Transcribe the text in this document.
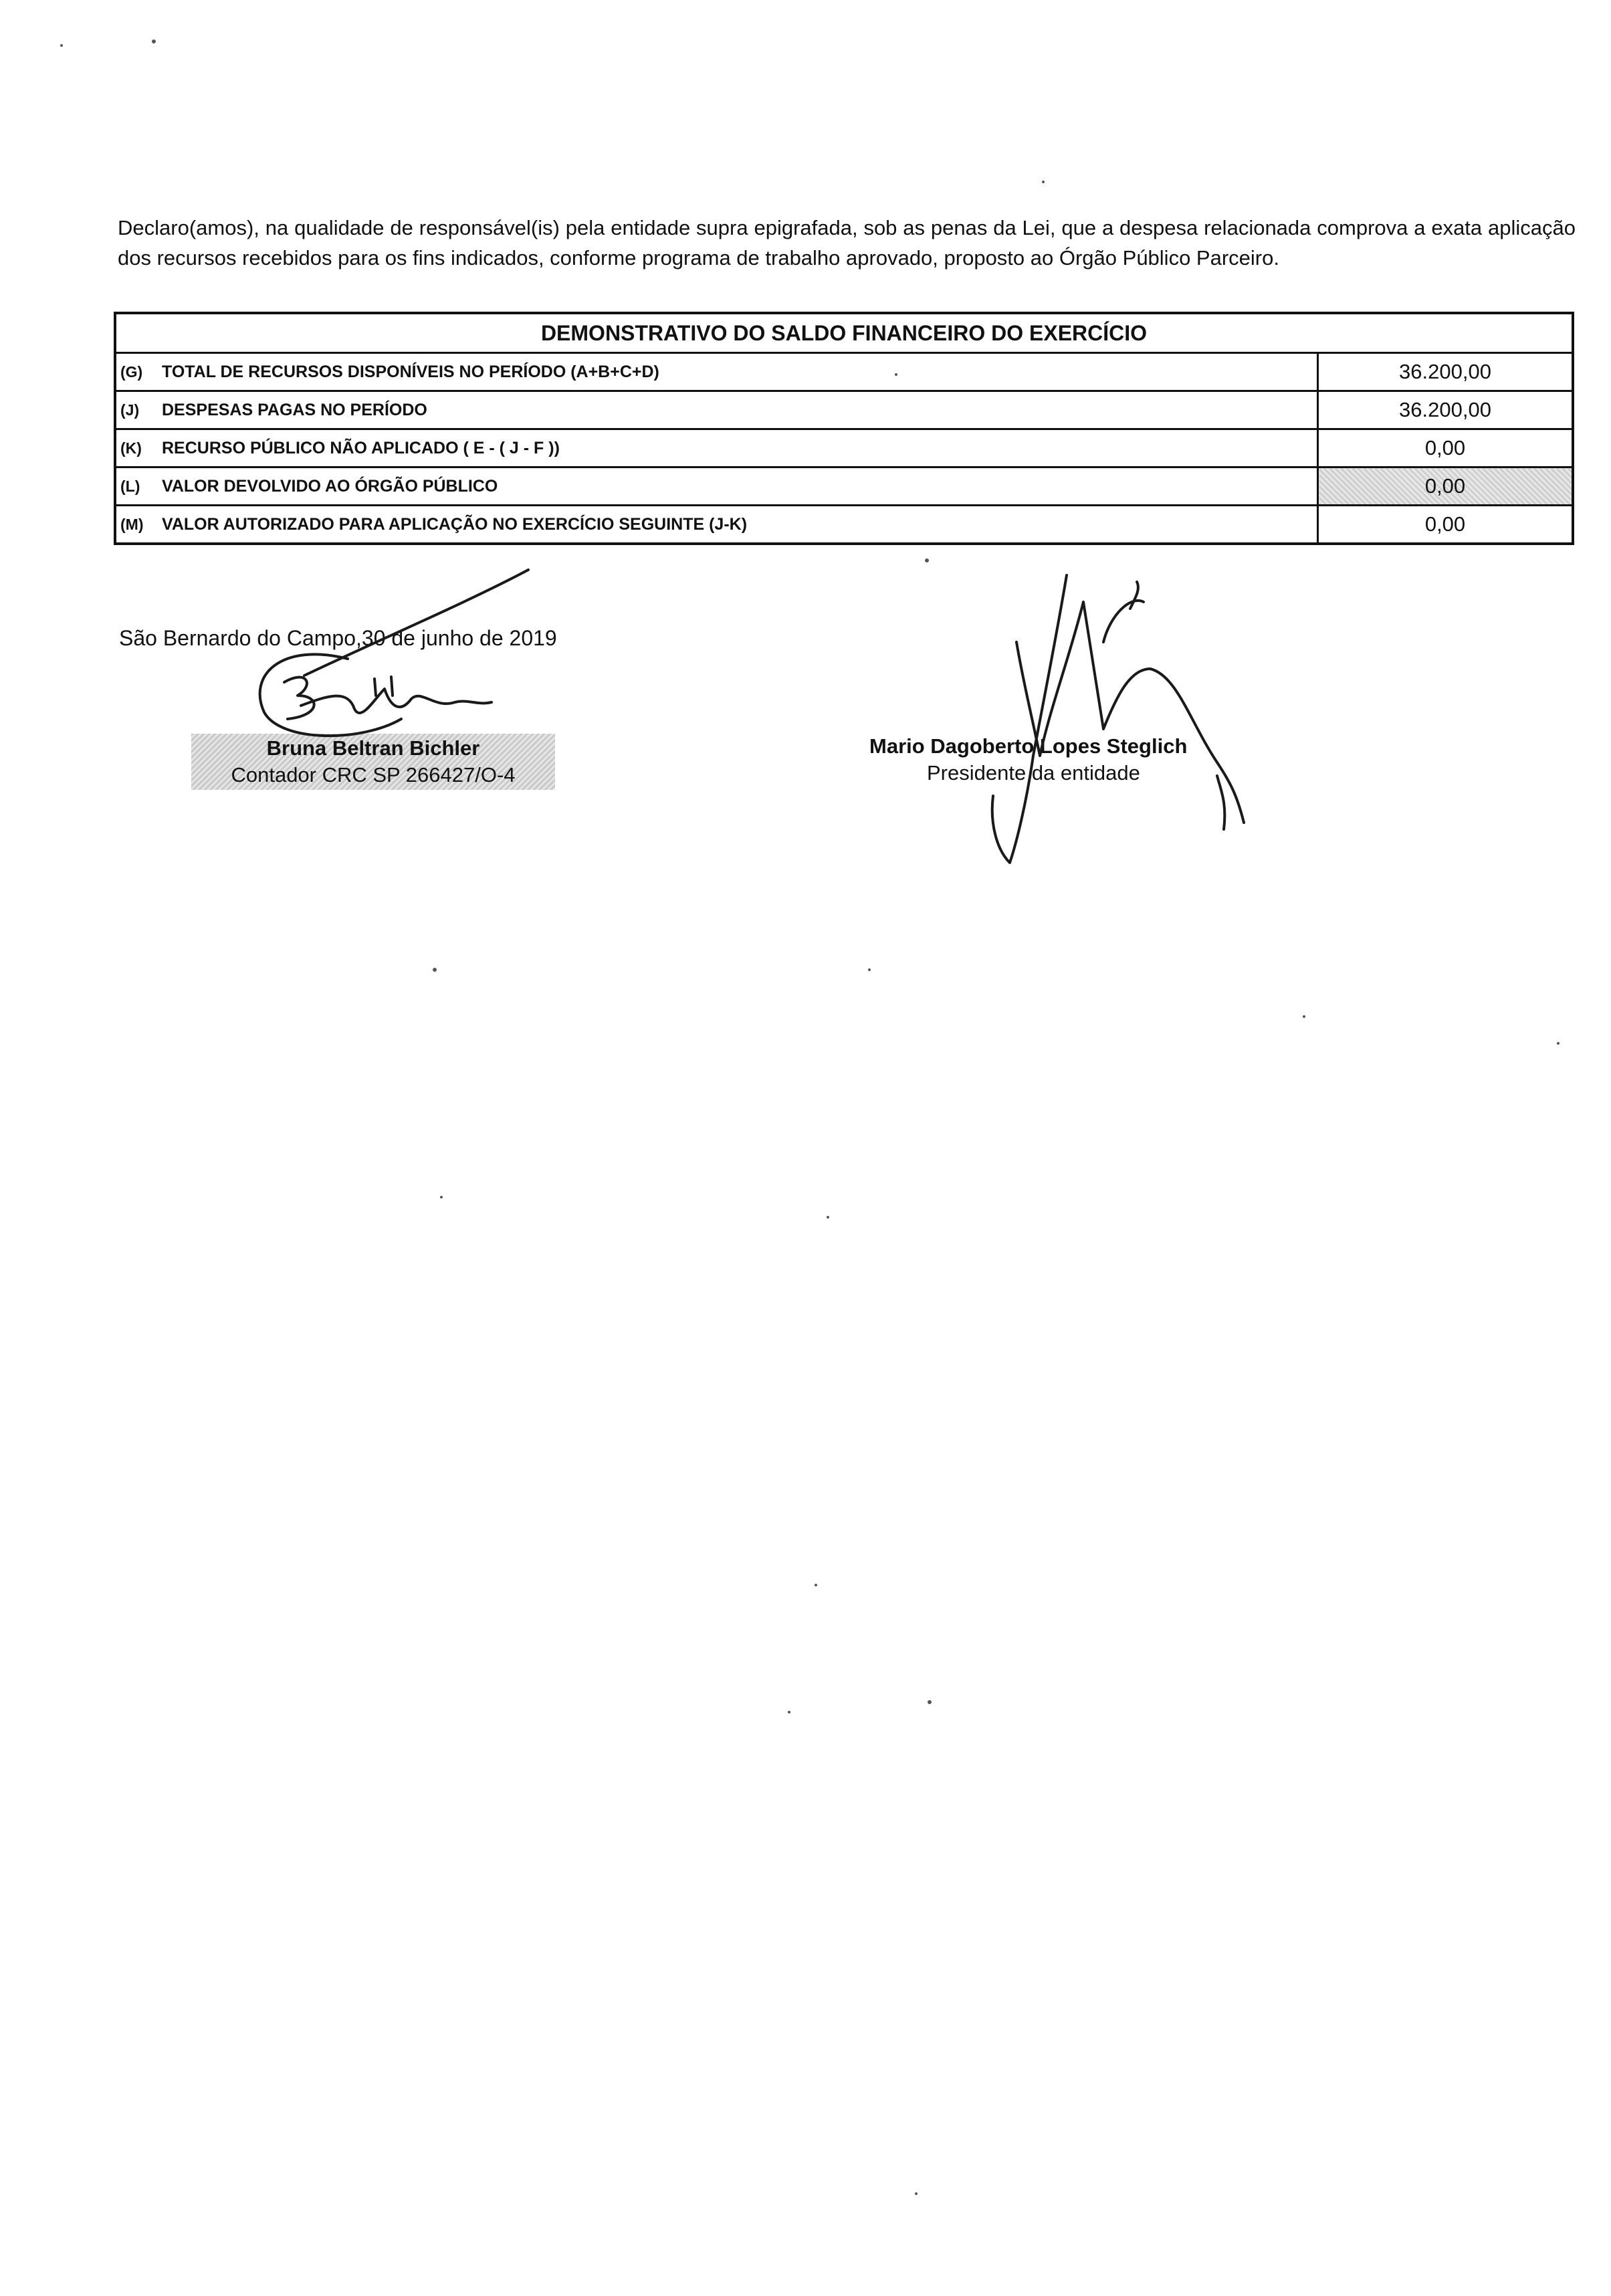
Declaro(amos), na qualidade de responsável(is) pela entidade supra epigrafada, sob as penas da Lei, que a despesa relacionada comprova a exata aplicação dos recursos recebidos para os fins indicados, conforme programa de trabalho aprovado, proposto ao Órgão Público Parceiro.

DEMONSTRATIVO DO SALDO FINANCEIRO DO EXERCÍCIO	
(G) TOTAL DE RECURSOS DISPONÍVEIS NO PERÍODO (A+B+C+D)	36.200,00
(J) DESPESAS PAGAS NO PERÍODO	36.200,00
(K) RECURSO PÚBLICO NÃO APLICADO ( E - ( J - F ))	0,00
(L) VALOR DEVOLVIDO AO ÓRGÃO PÚBLICO	0,00
(M) VALOR AUTORIZADO PARA APLICAÇÃO NO EXERCÍCIO SEGUINTE (J-K)	0,00
São Bernardo do Campo,30 de junho de 2019
Bruna Beltran Bichler
Contador CRC SP 266427/O-4
Mario Dagoberto Lopes Steglich
Presidente da entidade
